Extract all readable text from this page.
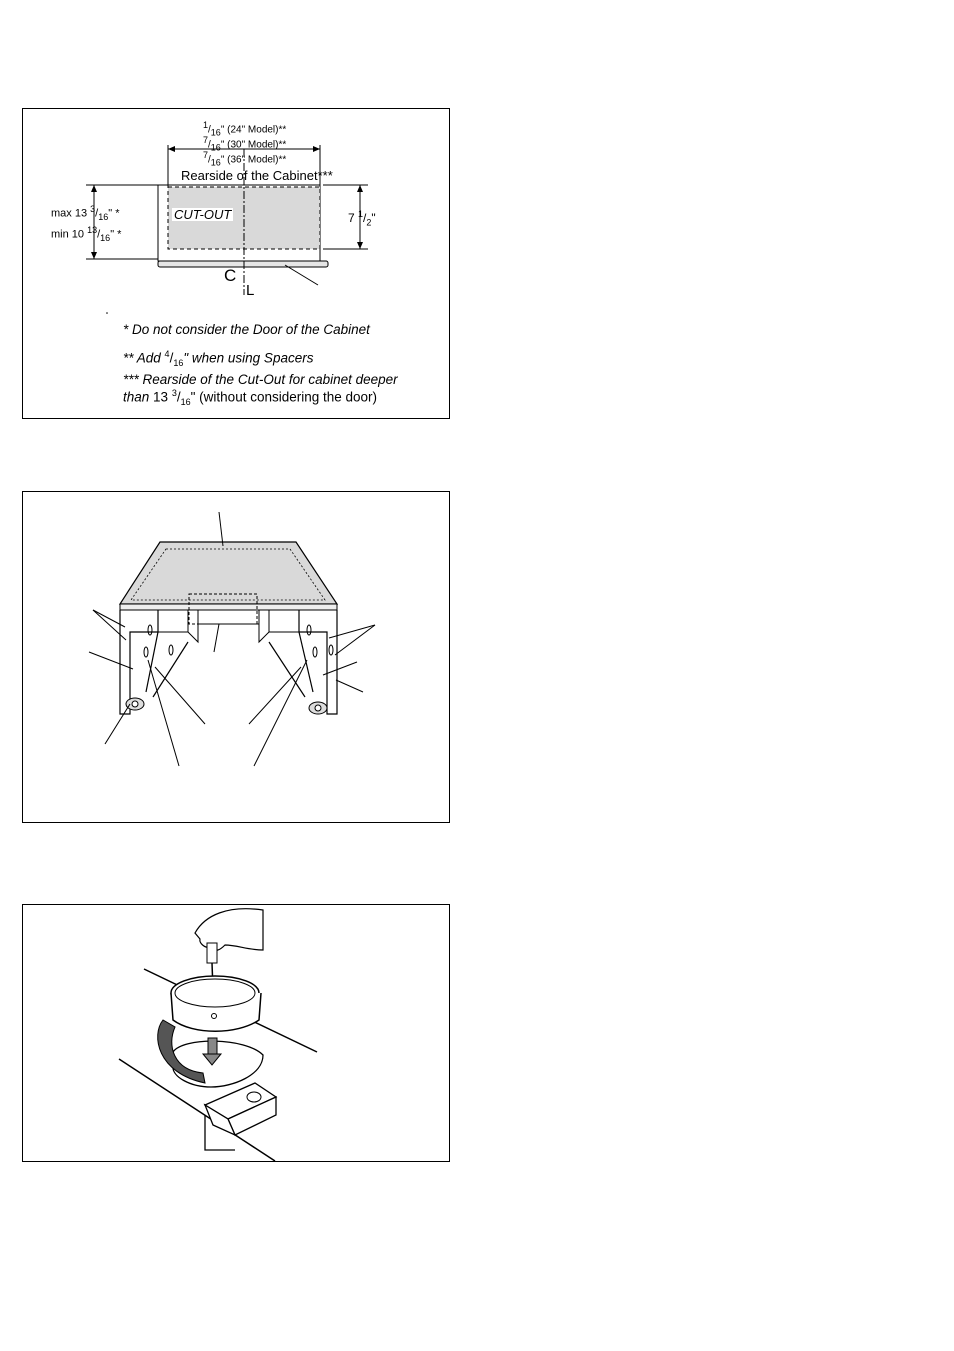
$^1/_{16}$" (24" Model)**
$^7/_{16}$" (30" Model)**
$^7/_{16}$" (36" Model)**
Rearside of the Cabinet***
CUT-OUT
max 13 $^3/_{16}$" *
min 10 $^{13}/_{16}$" *
7 $^1/_2$"
C
L
* Do not consider the Door of the Cabinet
** Add $^4/_{16}$" when using Spacers
*** Rearside of the Cut-Out for cabinet deeper
than 13 $^3/_{16}$" (without considering the door)
